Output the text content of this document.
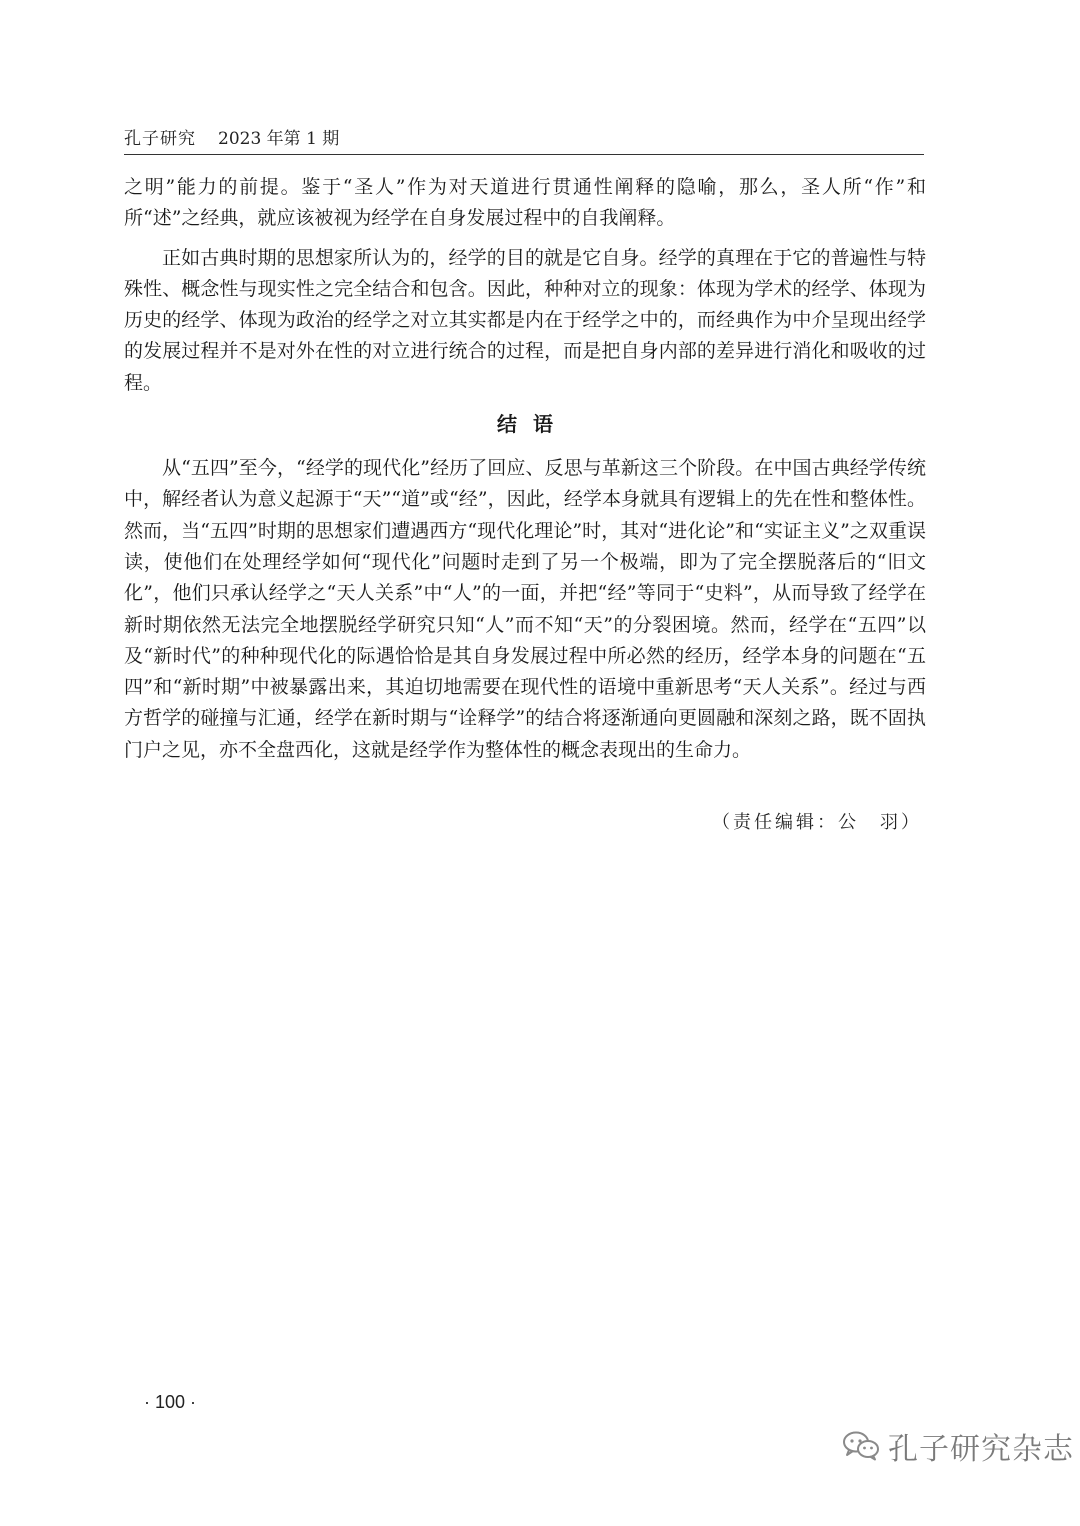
孔子研究 2023 年第 1 期

之明”能力的前提。鉴于“圣人”作为对天道进行贯通性阐释的隐喻，那么，圣人所“作”和所“述”之经典，就应该被视为经学在自身发展过程中的自我阐释。

正如古典时期的思想家所认为的，经学的目的就是它自身。经学的真理在于它的普遍性与特殊性、概念性与现实性之完全结合和包含。因此，种种对立的现象：体现为学术的经学、体现为历史的经学、体现为政治的经学之对立其实都是内在于经学之中的，而经典作为中介呈现出经学的发展过程并不是对外在性的对立进行统合的过程，而是把自身内部的差异进行消化和吸收的过程。

结语

从“五四”至今，“经学的现代化”经历了回应、反思与革新这三个阶段。在中国古典经学传统中，解经者认为意义起源于“天”“道”或“经”，因此，经学本身就具有逻辑上的先在性和整体性。然而，当“五四”时期的思想家们遭遇西方“现代化理论”时，其对“进化论”和“实证主义”之双重误读，使他们在处理经学如何“现代化”问题时走到了另一个极端，即为了完全摆脱落后的“旧文化”，他们只承认经学之“天人关系”中“人”的一面，并把“经”等同于“史料”，从而导致了经学在新时期依然无法完全地摆脱经学研究只知“人”而不知“天”的分裂困境。然而，经学在“五四”以及“新时代”的种种现代化的际遇恰恰是其自身发展过程中所必然的经历，经学本身的问题在“五四”和“新时期”中被暴露出来，其迫切地需要在现代性的语境中重新思考“天人关系”。经过与西方哲学的碰撞与汇通，经学在新时期与“诠释学”的结合将逐渐通向更圆融和深刻之路，既不固执门户之见，亦不全盘西化，这就是经学作为整体性的概念表现出的生命力。

（责任编辑：公　羽）
· 100 ·
孔子研究杂志
